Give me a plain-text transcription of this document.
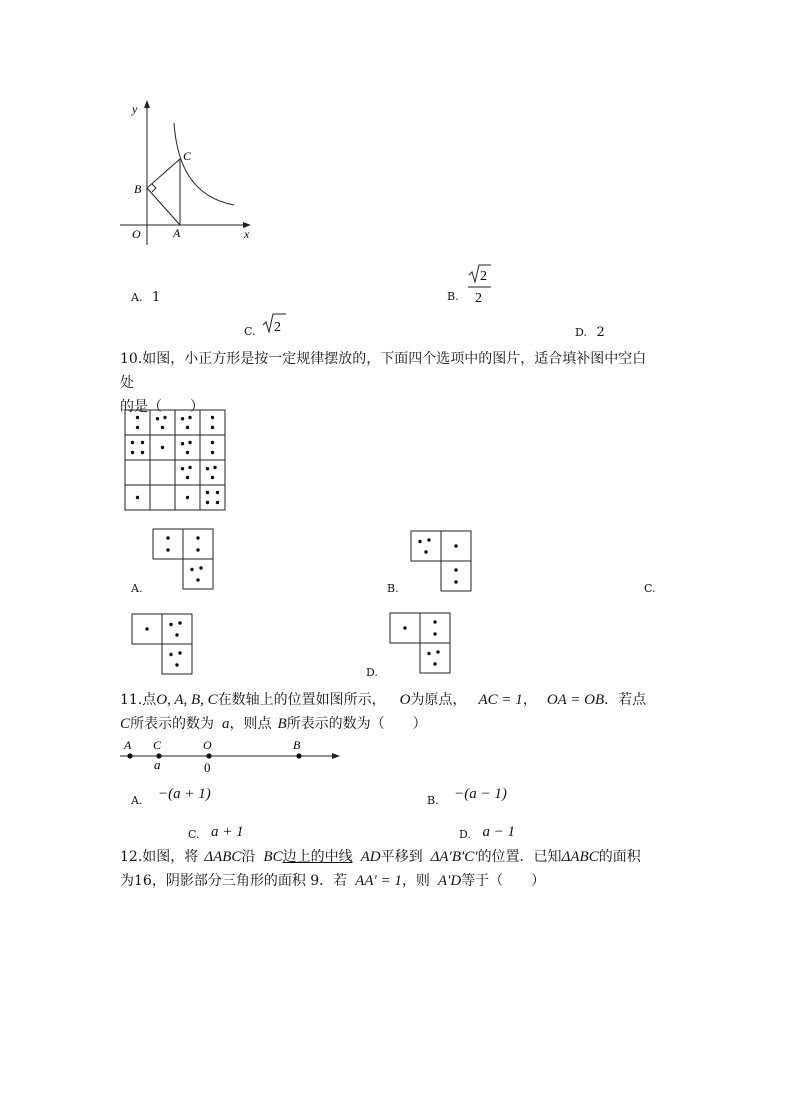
y
x
O	A
B
C
A. 1	B.
2
2
C. 2	D. 2
10.如图，小正方形是按一定规律摆放的，下面四个选项中的图片，适合填补图中空白处
的是（　　）
A.	B.	C.
D.
11.点O, A, B, C在数轴上的位置如图所示， O为原点， AC = 1， OA = OB．若点
C所表示的数为 a，则点 B所表示的数为（　　）
A C	O	B
a	0
A. −(a + 1)	B. −(a − 1)
C. a + 1	D. a − 1
12.如图，将 ΔABC沿 BC边上的中线 AD平移到 ΔA′B′C′的位置．已知ΔABC的面积
为16，阴影部分三角形的面积 9．若 AA′ = 1，则 A′D等于（　　）
